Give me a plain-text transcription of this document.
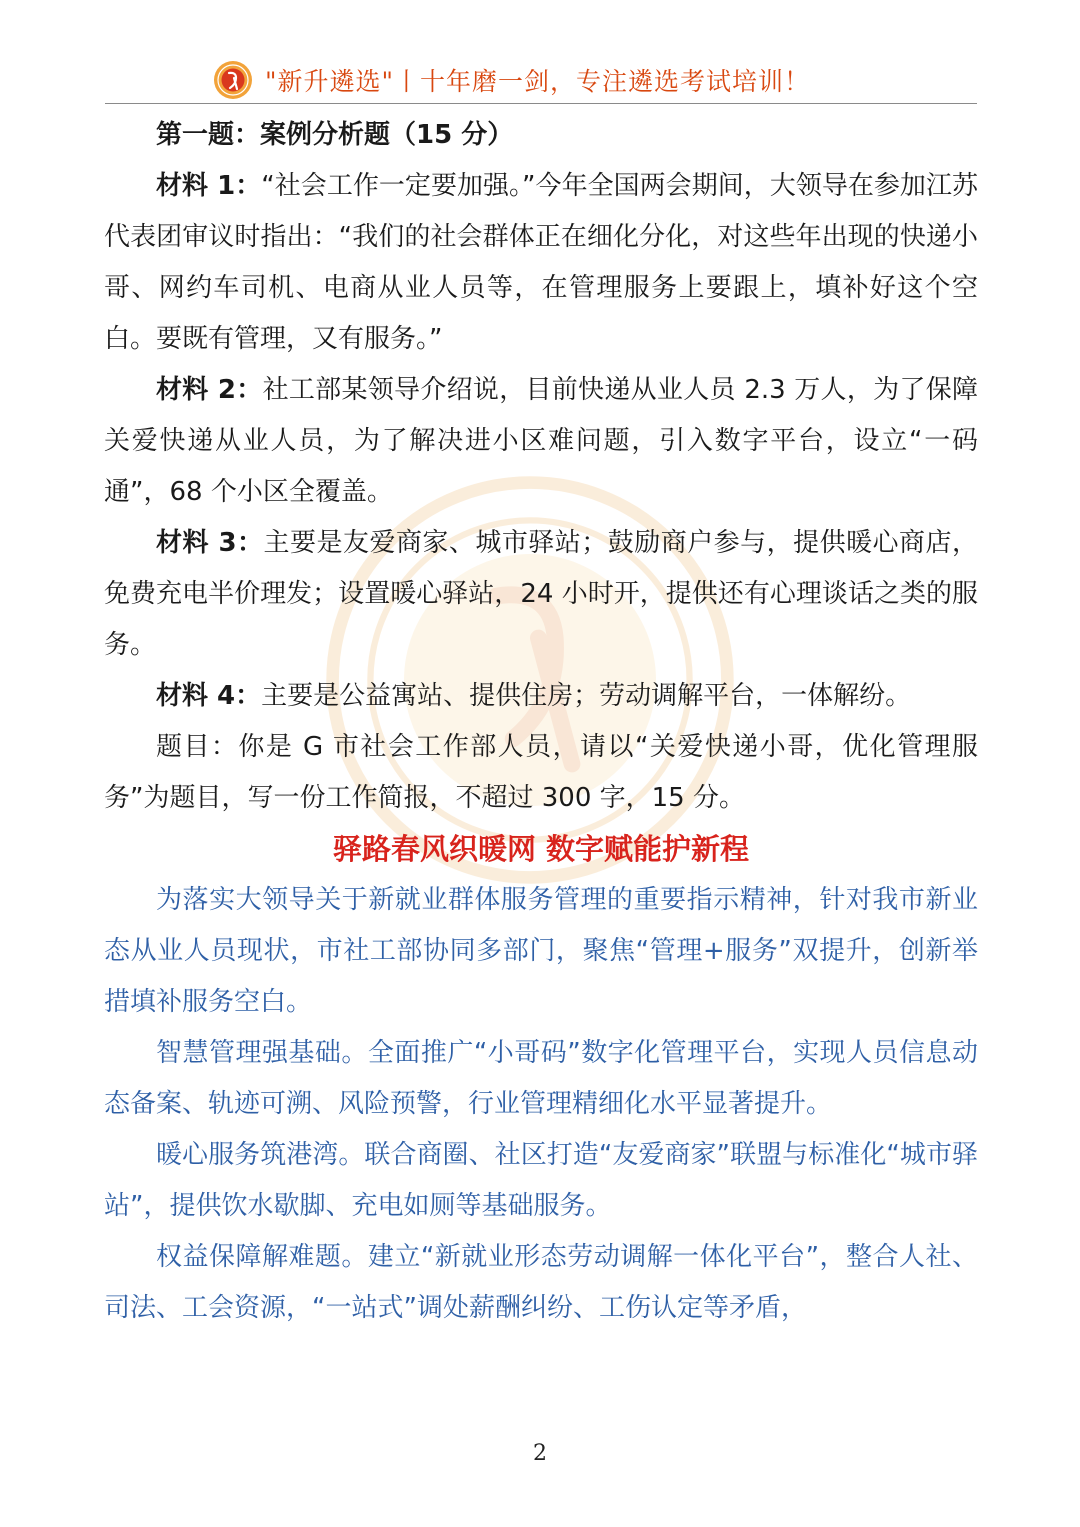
"新升遴选"丨十年磨一剑，专注遴选考试培训！

第一题：案例分析题（15 分）

材料 1：“社会工作一定要加强。”今年全国两会期间，大领导在参加江苏代表团审议时指出：“我们的社会群体正在细化分化，对这些年出现的快递小哥、网约车司机、电商从业人员等，在管理服务上要跟上，填补好这个空白。要既有管理，又有服务。”

材料 2：社工部某领导介绍说，目前快递从业人员 2.3 万人，为了保障关爱快递从业人员，为了解决进小区难问题，引入数字平台，设立“一码通”，68 个小区全覆盖。

材料 3：主要是友爱商家、城市驿站；鼓励商户参与，提供暖心商店，免费充电半价理发；设置暖心驿站，24 小时开，提供还有心理谈话之类的服务。

材料 4：主要是公益寓站、提供住房；劳动调解平台，一体解纷。

题目：你是 G 市社会工作部人员，请以“关爱快递小哥，优化管理服务”为题目，写一份工作简报，不超过 300 字，15 分。

驿路春风织暖网 数字赋能护新程

为落实大领导关于新就业群体服务管理的重要指示精神，针对我市新业态从业人员现状，市社工部协同多部门，聚焦“管理+服务”双提升，创新举措填补服务空白。

智慧管理强基础。全面推广“小哥码”数字化管理平台，实现人员信息动态备案、轨迹可溯、风险预警，行业管理精细化水平显著提升。

暖心服务筑港湾。联合商圈、社区打造“友爱商家”联盟与标准化“城市驿站”，提供饮水歇脚、充电如厕等基础服务。

权益保障解难题。建立“新就业形态劳动调解一体化平台”，整合人社、司法、工会资源，“一站式”调处薪酬纠纷、工伤认定等矛盾，

2
